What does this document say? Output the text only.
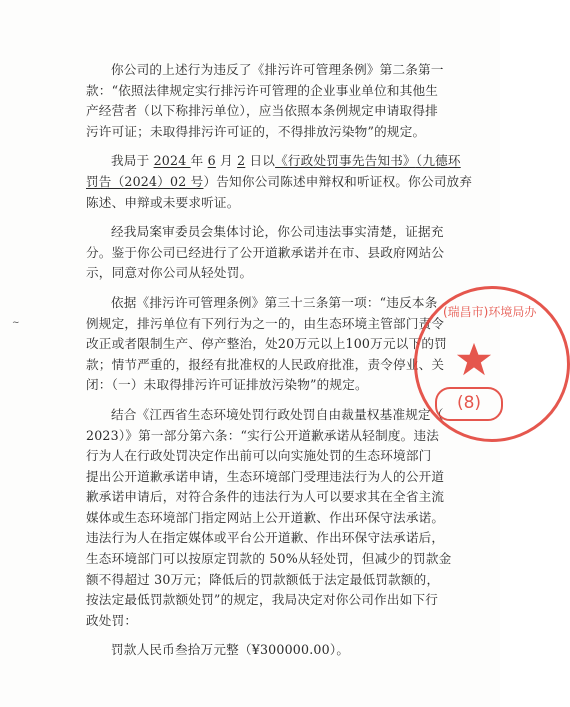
~
你公司的上述行为违反了《排污许可管理条例》第二条第一
款：“依照法律规定实行排污许可管理的企业事业单位和其他生
产经营者（以下称排污单位），应当依照本条例规定申请取得排
污许可证；未取得排污许可证的，不得排放污染物”的规定。
我局于 2024 年 6 月 2 日以《行政处罚事先告知书》（九德环
罚告（2024）02 号）告知你公司陈述申辩权和听证权。你公司放弃
陈述、申辩或未要求听证。
经我局案审委员会集体讨论，你公司违法事实清楚，证据充
分。鉴于你公司已经进行了公开道歉承诺并在市、县政府网站公
示，同意对你公司从轻处罚。
依据《排污许可管理条例》第三十三条第一项：“违反本条
例规定，排污单位有下列行为之一的，由生态环境主管部门责令
改正或者限制生产、停产整治，处20万元以上100万元以下的罚
款；情节严重的，报经有批准权的人民政府批准，责令停业、关
闭：（一）未取得排污许可证排放污染物”的规定。
结合《江西省生态环境处罚行政处罚自由裁量权基准规定（
2023）》第一部分第六条：“实行公开道歉承诺从轻制度。违法
行为人在行政处罚决定作出前可以向实施处罚的生态环境部门
提出公开道歉承诺申请，生态环境部门受理违法行为人的公开道
歉承诺申请后，对符合条件的违法行为人可以要求其在全省主流
媒体或生态环境部门指定网站上公开道歉、作出环保守法承诺。
违法行为人在指定媒体或平台公开道歉、作出环保守法承诺后，
生态环境部门可以按原定罚款的 50%从轻处罚，但减少的罚款金
额不得超过 30万元；降低后的罚款额低于法定最低罚款额的，
按法定最低罚款额处罚”的规定，我局决定对你公司作出如下行
政处罚：
罚款人民币叁拾万元整（¥300000.00）。
(瑞昌市)环境局办
(8)
